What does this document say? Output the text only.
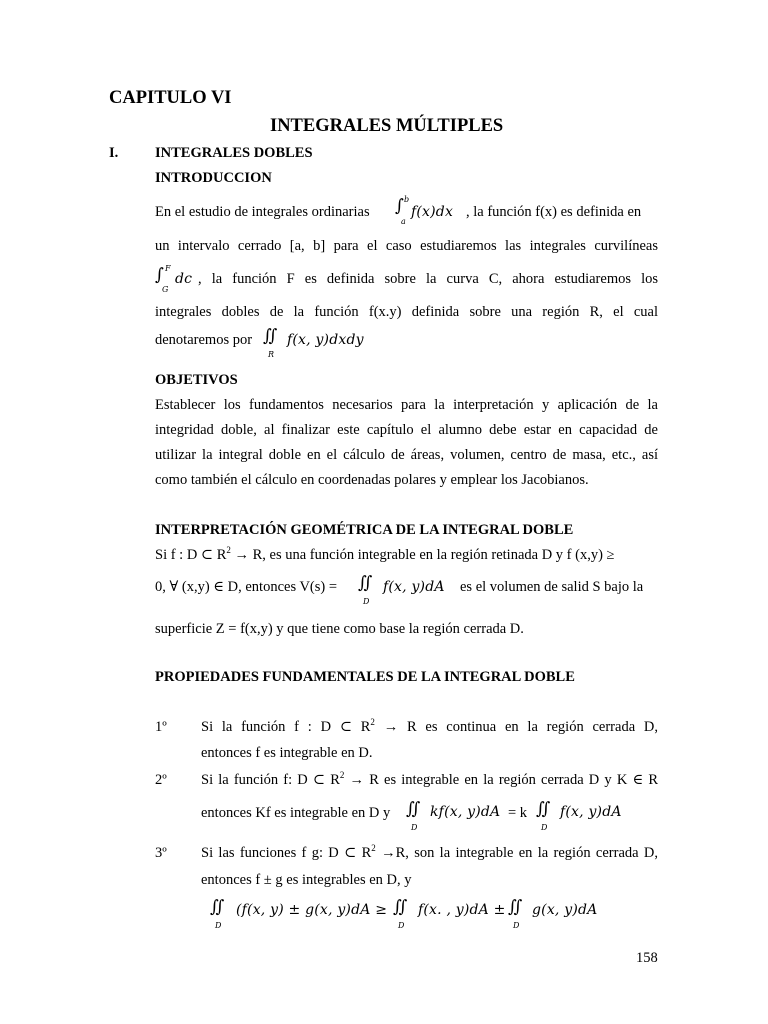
CAPITULO VI
INTEGRALES MÚLTIPLES
I.	INTEGRALES DOBLES
INTRODUCCION
En el estudio de integrales ordinarias ∫ b
a
f(x)dx , la función f(x) es definida en
un intervalo cerrado [a, b] para el caso estudiaremos las integrales curvilíneas
∫ F
G
dc , la función F es definida sobre la curva C, ahora estudiaremos los
integrales dobles de la función f(x.y) definida sobre una región R, el cual
denotaremos por ∬
R
f(x, y)dxdy
OBJETIVOS
Establecer los fundamentos necesarios para la interpretación y aplicación de la
integridad doble, al finalizar este capítulo el alumno debe estar en capacidad de
utilizar la integral doble en el cálculo de áreas, volumen, centro de masa, etc., así
como también el cálculo en coordenadas polares y emplear los Jacobianos.
INTERPRETACIÓN GEOMÉTRICA DE LA INTEGRAL DOBLE
Si f : D ⊂ $R^2 \to R$, es una función integrable en la región retinada D y f (x,y) ≥
0, ∀ (x,y) ∈ D, entonces V(s) = ∬
D
f(x, y)dA es el volumen de salid S bajo la
superficie Z = f(x,y) y que tiene como base la región cerrada D.
PROPIEDADES FUNDAMENTALES DE LA INTEGRAL DOBLE
1º Si la función f : D ⊂ $R^2 \to R$ es continua en la región cerrada D,
entonces f es integrable en D.
2º Si la función f: D ⊂ $R^2 \to R$ es integrable en la región cerrada D y K ∈ R
entonces Kf es integrable en D y ∬
D
kf(x, y)dA = k ∬
D
f(x, y)dA
3º Si las funciones f g: D ⊂ $R^2 \to R$, son la integrable en la región cerrada D,
entonces f ± g es integrables en D, y
∬
D
(f(x, y) ± g(x, y)dA ≥ ∬
D
f(x. , y)dA ± ∬
D
g(x, y)dA
158
